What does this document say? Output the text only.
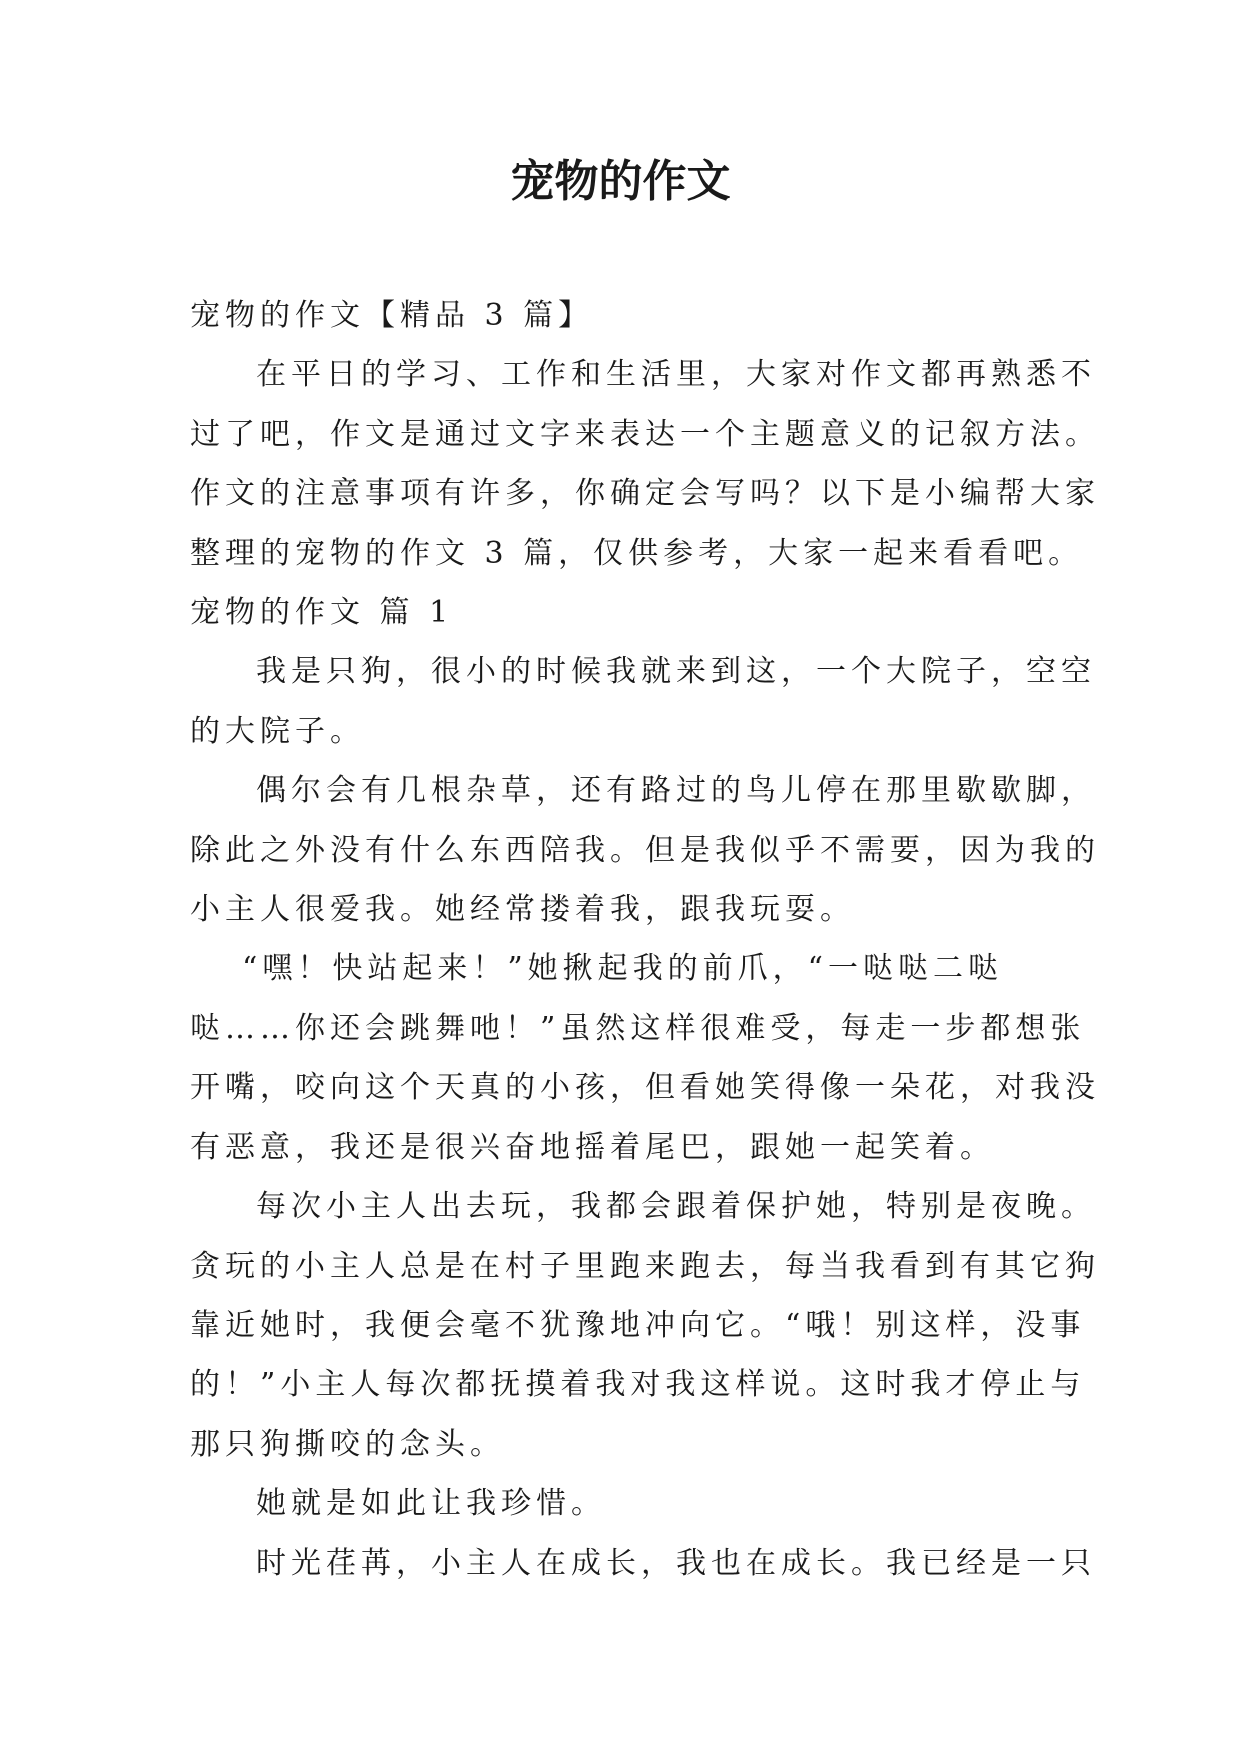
宠物的作文

宠物的作文【精品 3 篇】

在平日的学习、工作和生活里，大家对作文都再熟悉不

过了吧，作文是通过文字来表达一个主题意义的记叙方法。

作文的注意事项有许多，你确定会写吗？以下是小编帮大家

整理的宠物的作文 3 篇，仅供参考，大家一起来看看吧。

宠物的作文 篇 1

我是只狗，很小的时候我就来到这，一个大院子，空空

的大院子。

偶尔会有几根杂草，还有路过的鸟儿停在那里歇歇脚，

除此之外没有什么东西陪我。但是我似乎不需要，因为我的

小主人很爱我。她经常搂着我，跟我玩耍。

“嘿！快站起来！”她揪起我的前爪，“一哒哒二哒

哒……你还会跳舞吔！”虽然这样很难受，每走一步都想张

开嘴，咬向这个天真的小孩，但看她笑得像一朵花，对我没

有恶意，我还是很兴奋地摇着尾巴，跟她一起笑着。

每次小主人出去玩，我都会跟着保护她，特别是夜晚。

贪玩的小主人总是在村子里跑来跑去，每当我看到有其它狗

靠近她时，我便会毫不犹豫地冲向它。“哦！别这样，没事

的！”小主人每次都抚摸着我对我这样说。这时我才停止与

那只狗撕咬的念头。

她就是如此让我珍惜。

时光荏苒，小主人在成长，我也在成长。我已经是一只
